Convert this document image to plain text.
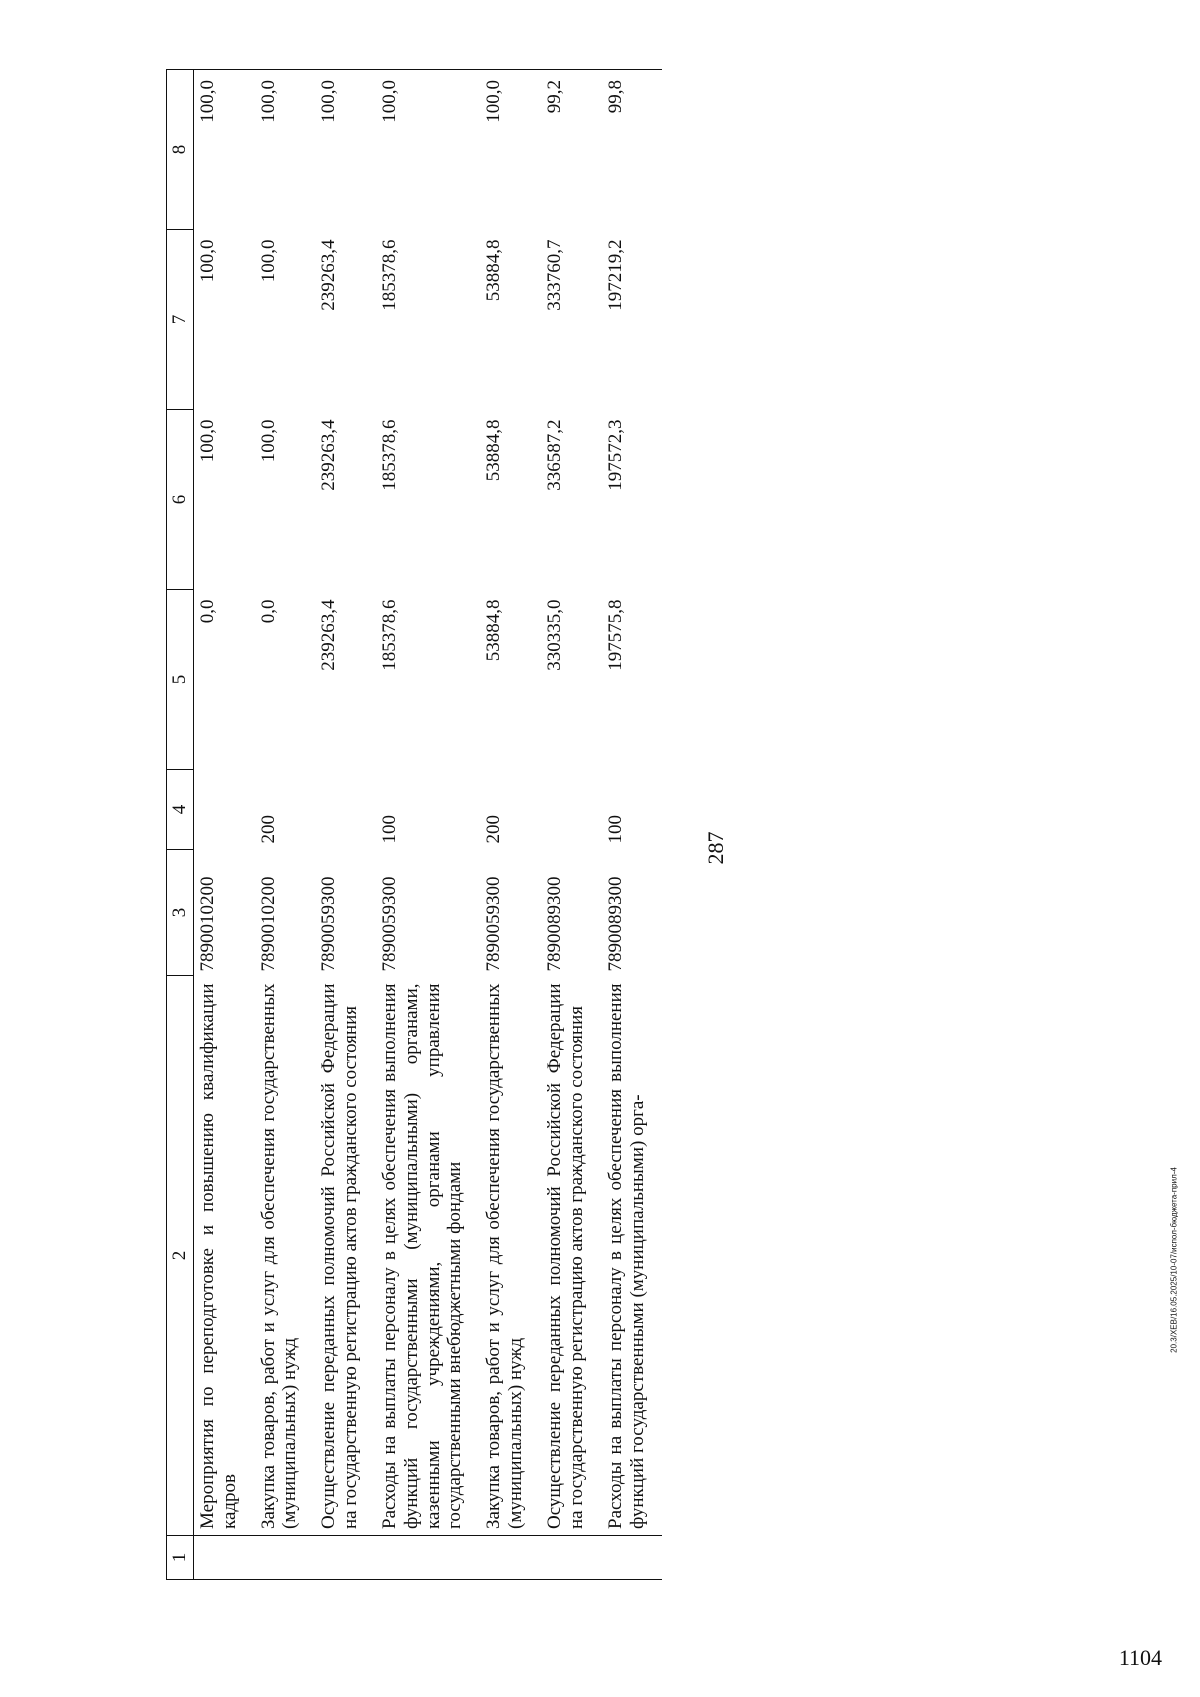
287
1	2	3	4	5	6	7	8
	Мероприятия по переподготовке и повышению квалификации кадров	7890010200		0,0	100,0	100,0	100,0
	Закупка товаров, работ и услуг для обеспечения государственных (муниципальных) нужд	7890010200	200	0,0	100,0	100,0	100,0
	Осуществление переданных полномочий Российской Федерации на государственную регистрацию актов гражданского состояния	7890059300		239263,4	239263,4	239263,4	100,0
	Расходы на выплаты персоналу в целях обеспечения выполнения функций государственными (муниципальными) органами, казенными учреждениями, органами управления государственными внебюджетными фондами	7890059300	100	185378,6	185378,6	185378,6	100,0
	Закупка товаров, работ и услуг для обеспечения государственных (муниципальных) нужд	7890059300	200	53884,8	53884,8	53884,8	100,0
	Осуществление переданных полномочий Российской Федерации на государственную регистрацию актов гражданского состояния	7890089300		330335,0	336587,2	333760,7	99,2
	Расходы на выплаты персоналу в целях обеспечения выполнения функций государственными (муниципальными) орга-	7890089300	100	197575,8	197572,3	197219,2	99,8
20.3/ХЕВ/16.05.2025/10-07/испол-бюджета-прил-4
1104
